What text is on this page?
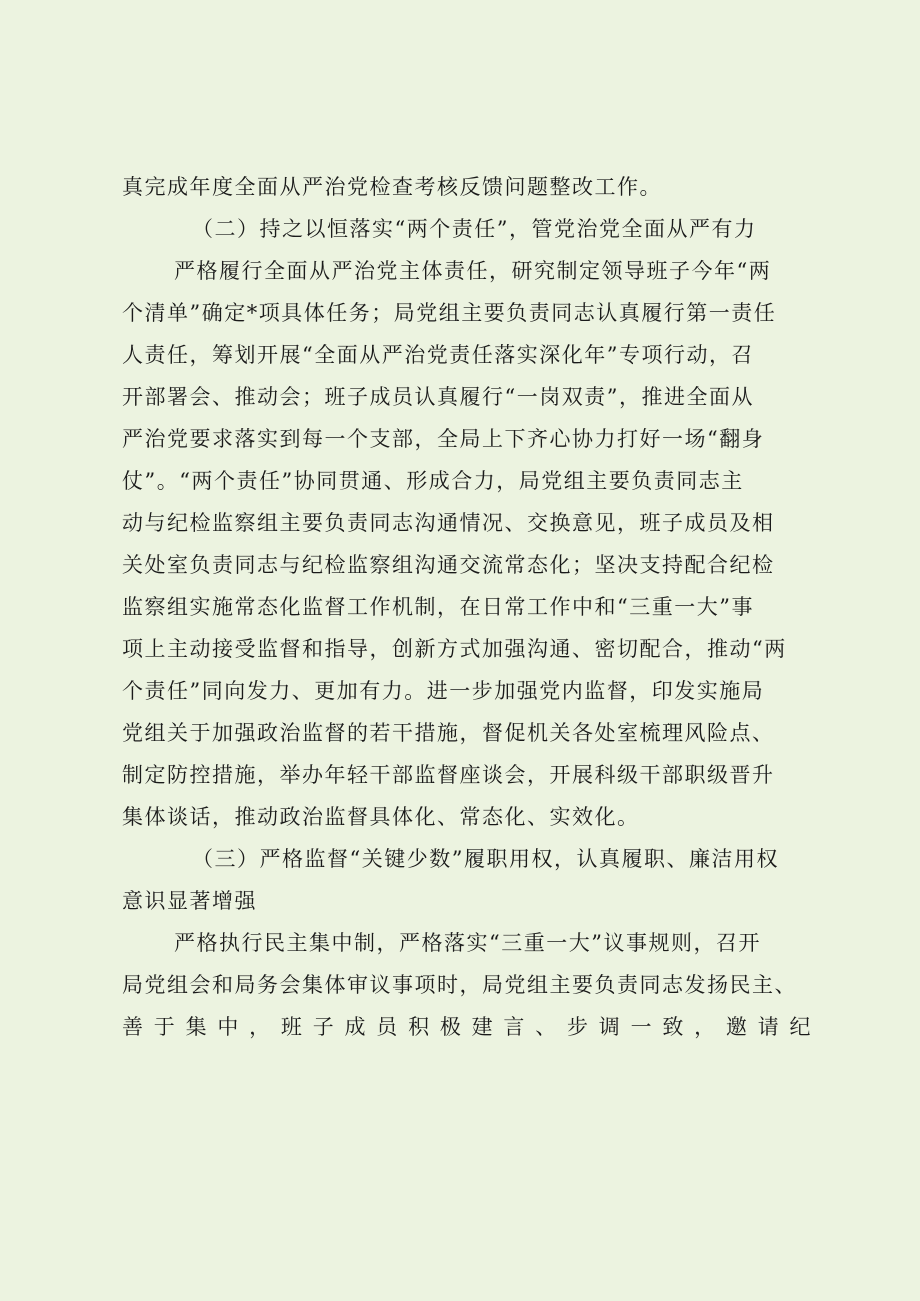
真完成年度全面从严治党检查考核反馈问题整改工作。
（二）持之以恒落实“两个责任”，管党治党全面从严有力
严格履行全面从严治党主体责任，研究制定领导班子今年“两
个清单”确定*项具体任务；局党组主要负责同志认真履行第一责任
人责任，筹划开展“全面从严治党责任落实深化年”专项行动，召
开部署会、推动会；班子成员认真履行“一岗双责”，推进全面从
严治党要求落实到每一个支部，全局上下齐心协力打好一场“翻身
仗”。“两个责任”协同贯通、形成合力，局党组主要负责同志主
动与纪检监察组主要负责同志沟通情况、交换意见，班子成员及相
关处室负责同志与纪检监察组沟通交流常态化；坚决支持配合纪检
监察组实施常态化监督工作机制，在日常工作中和“三重一大”事
项上主动接受监督和指导，创新方式加强沟通、密切配合，推动“两
个责任”同向发力、更加有力。进一步加强党内监督，印发实施局
党组关于加强政治监督的若干措施，督促机关各处室梳理风险点、
制定防控措施，举办年轻干部监督座谈会，开展科级干部职级晋升
集体谈话，推动政治监督具体化、常态化、实效化。
（三）严格监督“关键少数”履职用权，认真履职、廉洁用权
意识显著增强
严格执行民主集中制，严格落实“三重一大”议事规则，召开
局党组会和局务会集体审议事项时，局党组主要负责同志发扬民主、
善于集中，班子成员积极建言、步调一致，邀请纪
